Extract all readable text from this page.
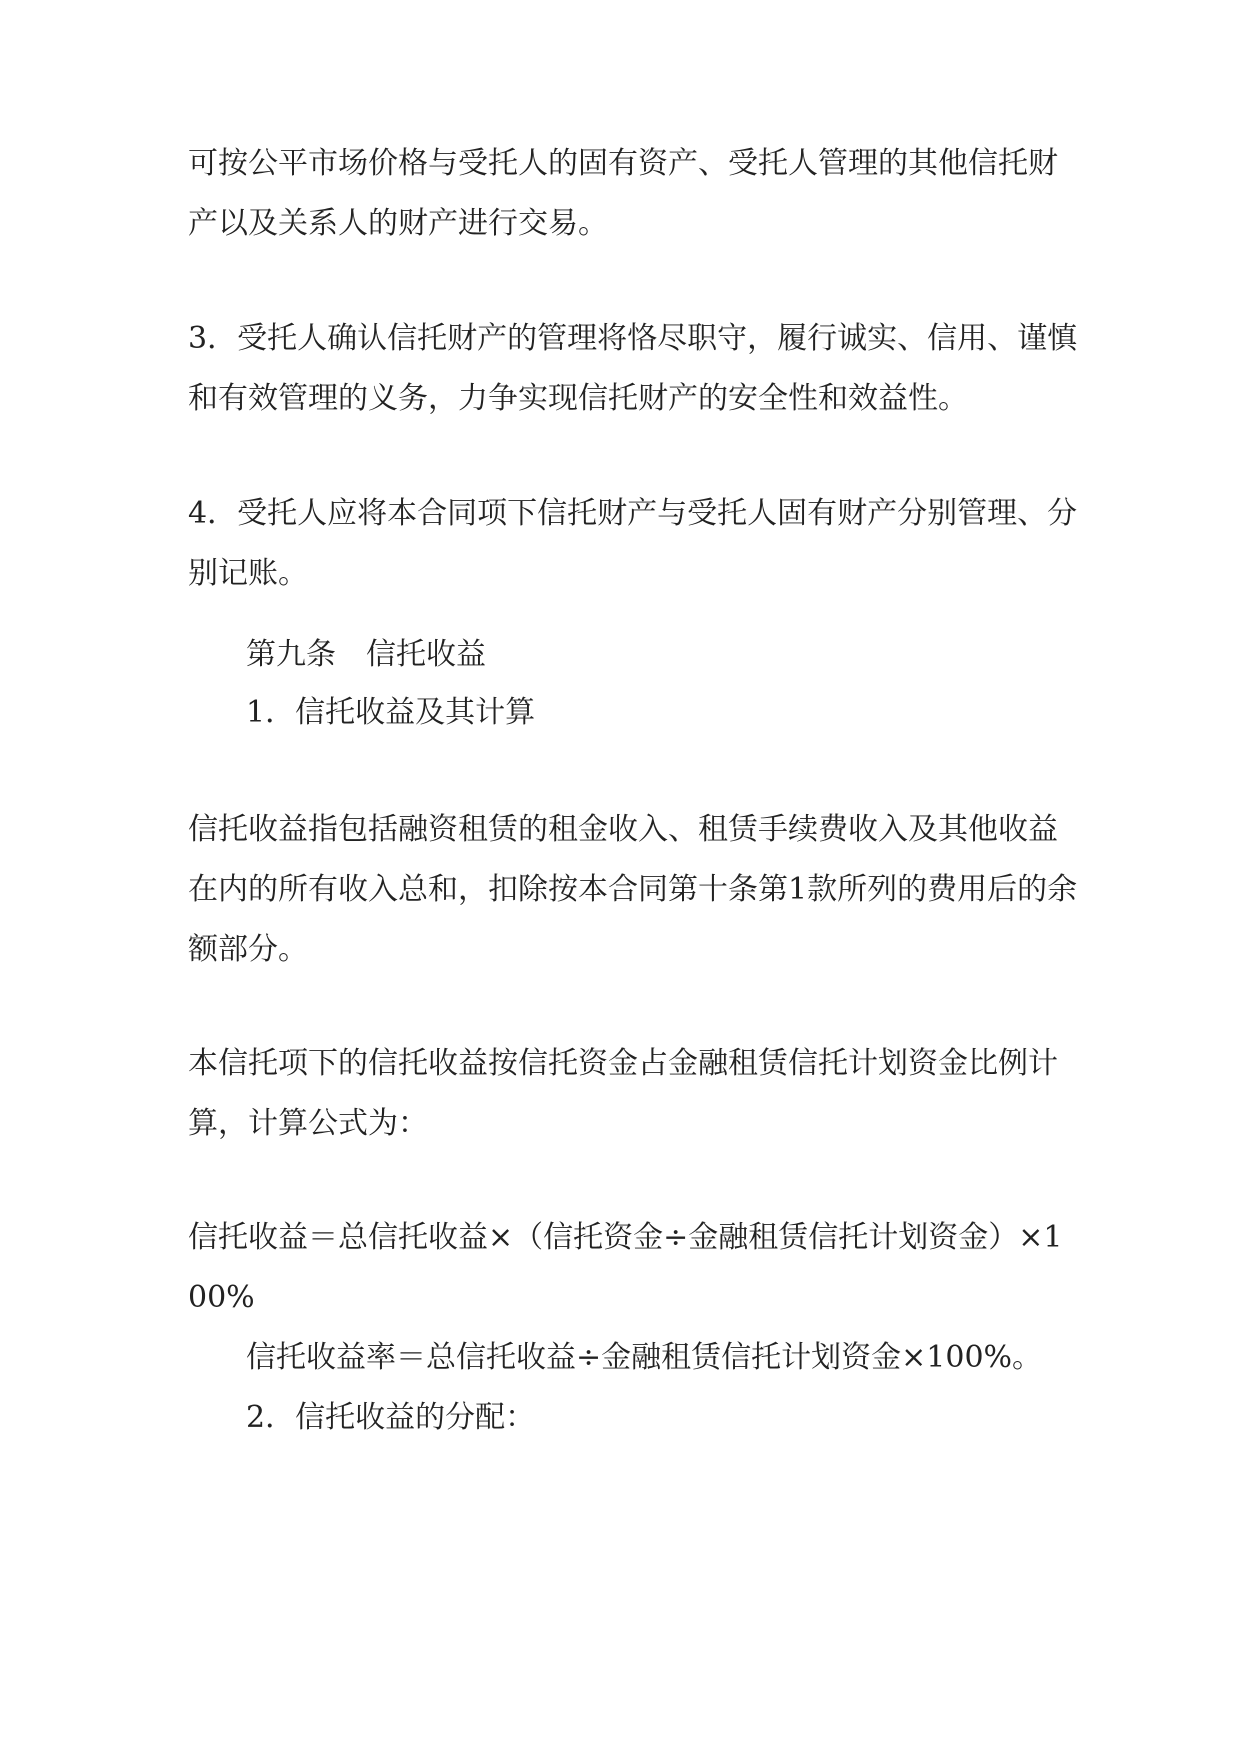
可按公平市场价格与受托人的固有资产、受托人管理的其他信托财
产以及关系人的财产进行交易。
3．受托人确认信托财产的管理将恪尽职守，履行诚实、信用、谨慎
和有效管理的义务，力争实现信托财产的安全性和效益性。
4．受托人应将本合同项下信托财产与受托人固有财产分别管理、分
别记账。
第九条　信托收益
1．信托收益及其计算
信托收益指包括融资租赁的租金收入、租赁手续费收入及其他收益
在内的所有收入总和，扣除按本合同第十条第1款所列的费用后的余
额部分。
本信托项下的信托收益按信托资金占金融租赁信托计划资金比例计
算，计算公式为：
信托收益＝总信托收益×（信托资金÷金融租赁信托计划资金）×1
00%
信托收益率＝总信托收益÷金融租赁信托计划资金×100%。
2．信托收益的分配：
